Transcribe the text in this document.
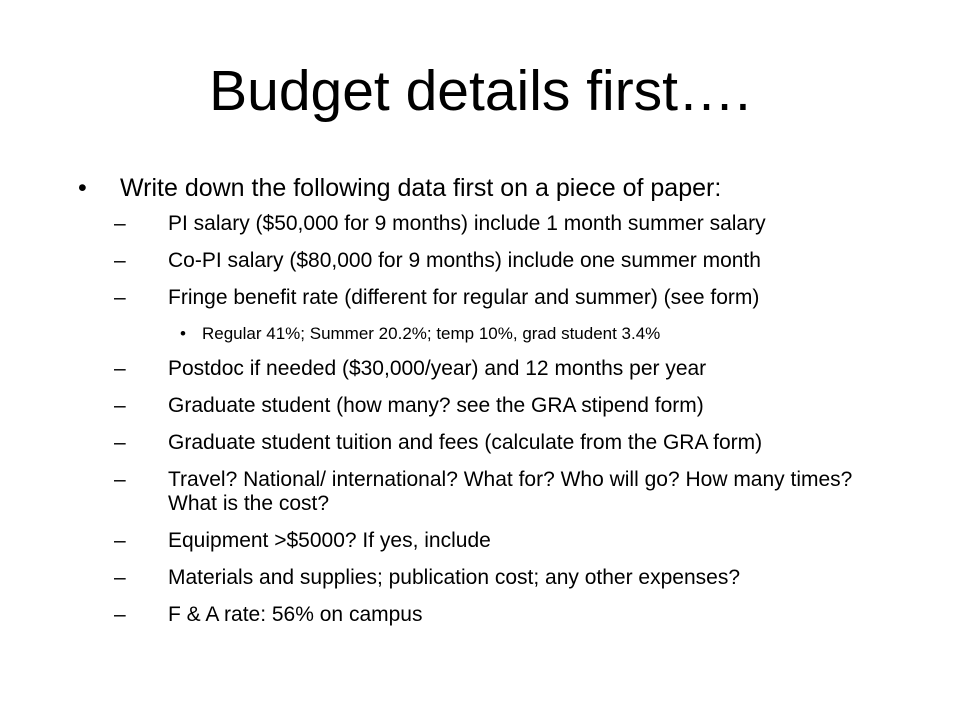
Budget details first….
• Write down the following data first on a piece of paper:
– PI salary ($50,000 for 9 months) include 1 month summer salary
– Co-PI salary ($80,000 for 9 months) include one summer month
– Fringe benefit rate (different for regular and summer) (see form)
• Regular 41%; Summer 20.2%; temp 10%, grad student 3.4%
– Postdoc if needed ($30,000/year) and 12 months per year
– Graduate student (how many? see the GRA stipend form)
– Graduate student tuition and fees (calculate from the GRA form)
– Travel? National/ international? What for? Who will go? How many times? What is the cost?
– Equipment >$5000? If yes, include
– Materials and supplies; publication cost; any other expenses?
– F & A rate: 56% on campus
